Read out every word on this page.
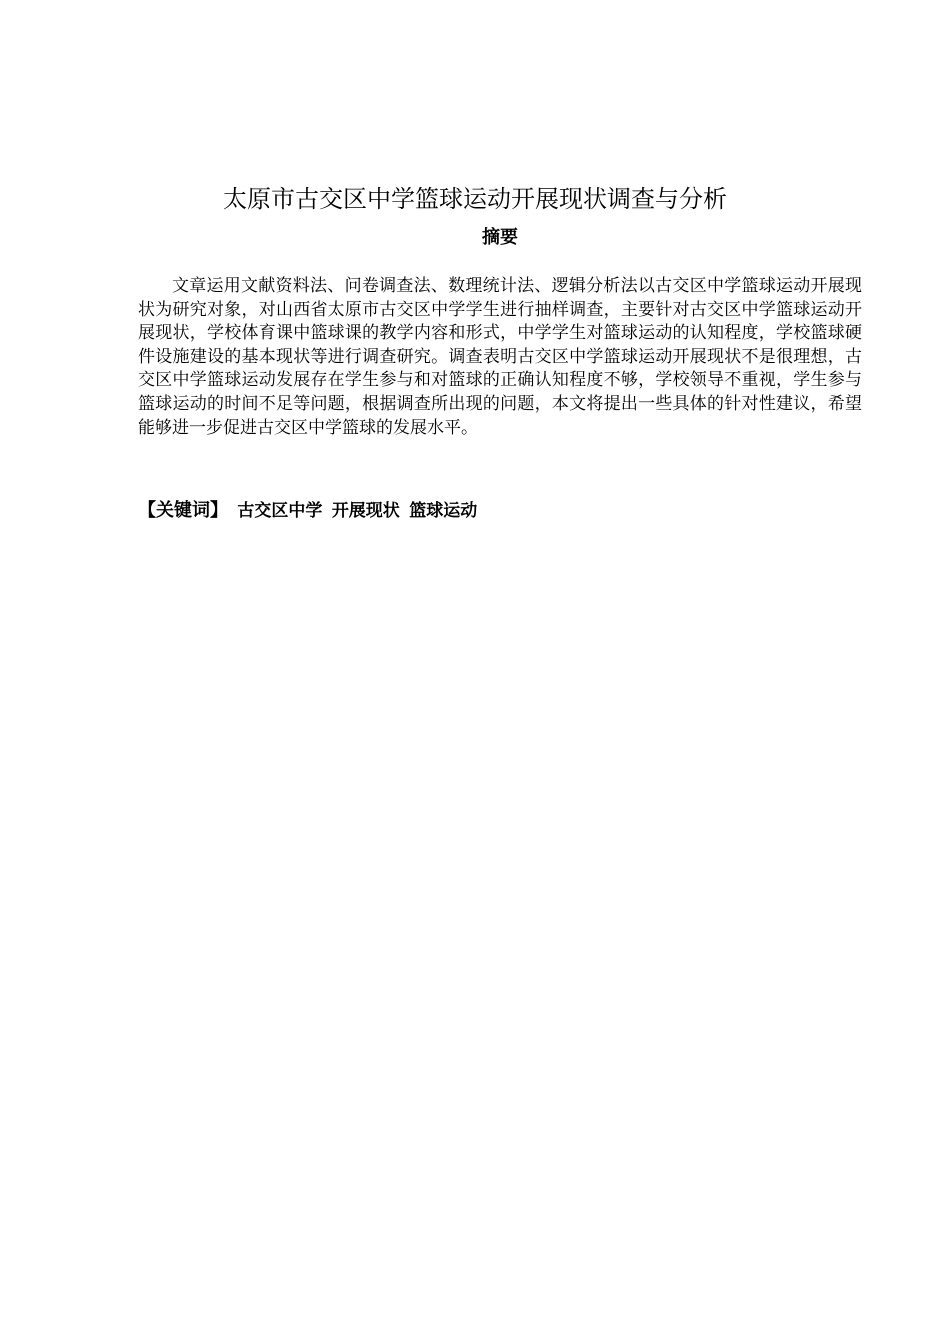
太原市古交区中学篮球运动开展现状调查与分析
摘要

文章运用文献资料法、问卷调查法、数理统计法、逻辑分析法以古交区中学篮球运动开展现状为研究对象，对山西省太原市古交区中学学生进行抽样调查，主要针对古交区中学篮球运动开展现状，学校体育课中篮球课的教学内容和形式，中学学生对篮球运动的认知程度，学校篮球硬件设施建设的基本现状等进行调查研究。调查表明古交区中学篮球运动开展现状不是很理想，古交区中学篮球运动发展存在学生参与和对篮球的正确认知程度不够，学校领导不重视，学生参与篮球运动的时间不足等问题，根据调查所出现的问题，本文将提出一些具体的针对性建议，希望能够进一步促进古交区中学篮球的发展水平。

【关键词】 古交区中学 开展现状 篮球运动
